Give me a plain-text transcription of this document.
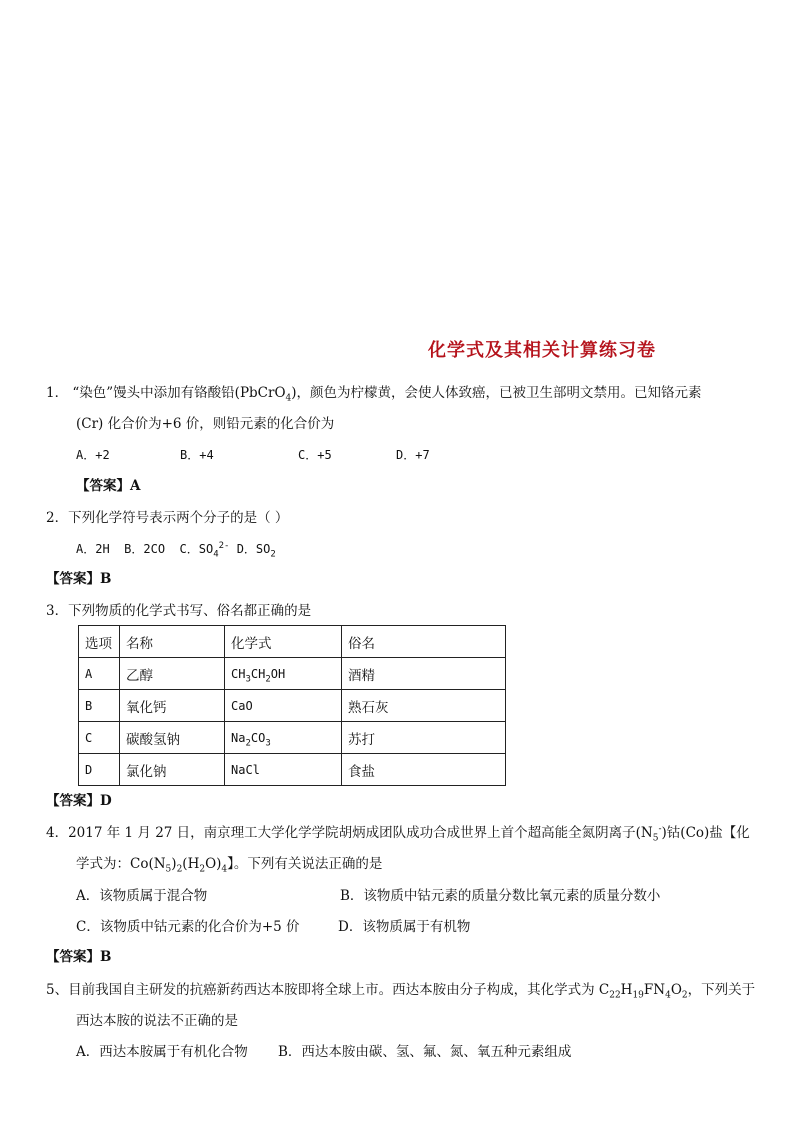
化学式及其相关计算练习卷
1． “染色”馒头中添加有铬酸铅(PbCrO$_4$)，颜色为柠檬黄，会使人体致癌，已被卫生部明文禁用。已知铬元素
(Cr) 化合价为+6 价，则铅元素的化合价为
A．+2	B．+4	C．+5	D．+7
【答案】A
2．下列化学符号表示两个分子的是（ ）
A．2H B．2CO C．$SO_4^{2-}$ D．$SO_2$
【答案】B
3．下列物质的化学式书写、俗名都正确的是
选项	名称	化学式	俗名
A	乙醇	$CH_3CH_2OH$	酒精
B	氧化钙	CaO	熟石灰
C	碳酸氢钠	$Na_2CO_3$	苏打
D	氯化钠	NaCl	食盐
【答案】D
4．2017 年 1 月 27 日，南京理工大学化学学院胡炳成团队成功合成世界上首个超高能全氮阴离子$(N_5^-)$钴(Co)盐【化
学式为：$Co(N_5)_2(H_2O)_4$】。下列有关说法正确的是
A．该物质属于混合物	B．该物质中钴元素的质量分数比氧元素的质量分数小
C．该物质中钴元素的化合价为+5 价	D．该物质属于有机物
【答案】B
5、目前我国自主研发的抗癌新药西达本胺即将全球上市。西达本胺由分子构成，其化学式为 $C_{22}H_{19}FN_4O_2$，下列关于
西达本胺的说法不正确的是
A．西达本胺属于有机化合物 B．西达本胺由碳、氢、氟、氮、氧五种元素组成
